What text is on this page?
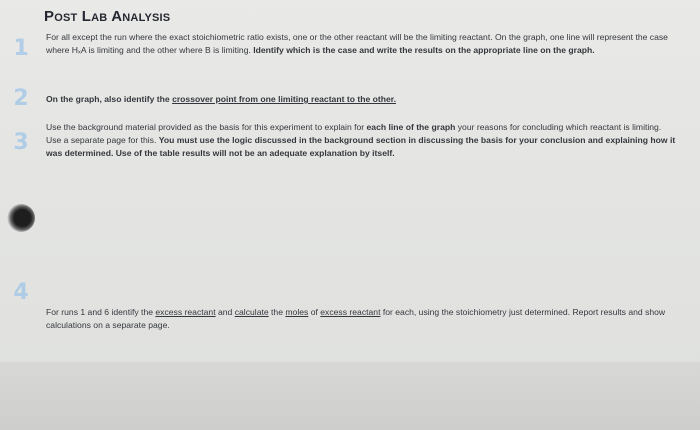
Post Lab Analysis
1	For all except the run where the exact stoichiometric ratio exists, one or the other reactant will be the limiting reactant. On the graph, one line will represent the case where HₓA is limiting and the other where B is limiting. Identify which is the case and write the results on the appropriate line on the graph.
2	On the graph, also identify the crossover point from one limiting reactant to the other.
3
Use the background material provided as the basis for this experiment to explain for each line of the graph your reasons for concluding which reactant is limiting. Use a separate page for this. You must use the logic discussed in the background section in discussing the basis for your conclusion and explaining how it was determined. Use of the table results will not be an adequate explanation by itself.
4
For runs 1 and 6 identify the excess reactant and calculate the moles of excess reactant for each, using the stoichiometry just determined. Report results and show calculations on a separate page.
